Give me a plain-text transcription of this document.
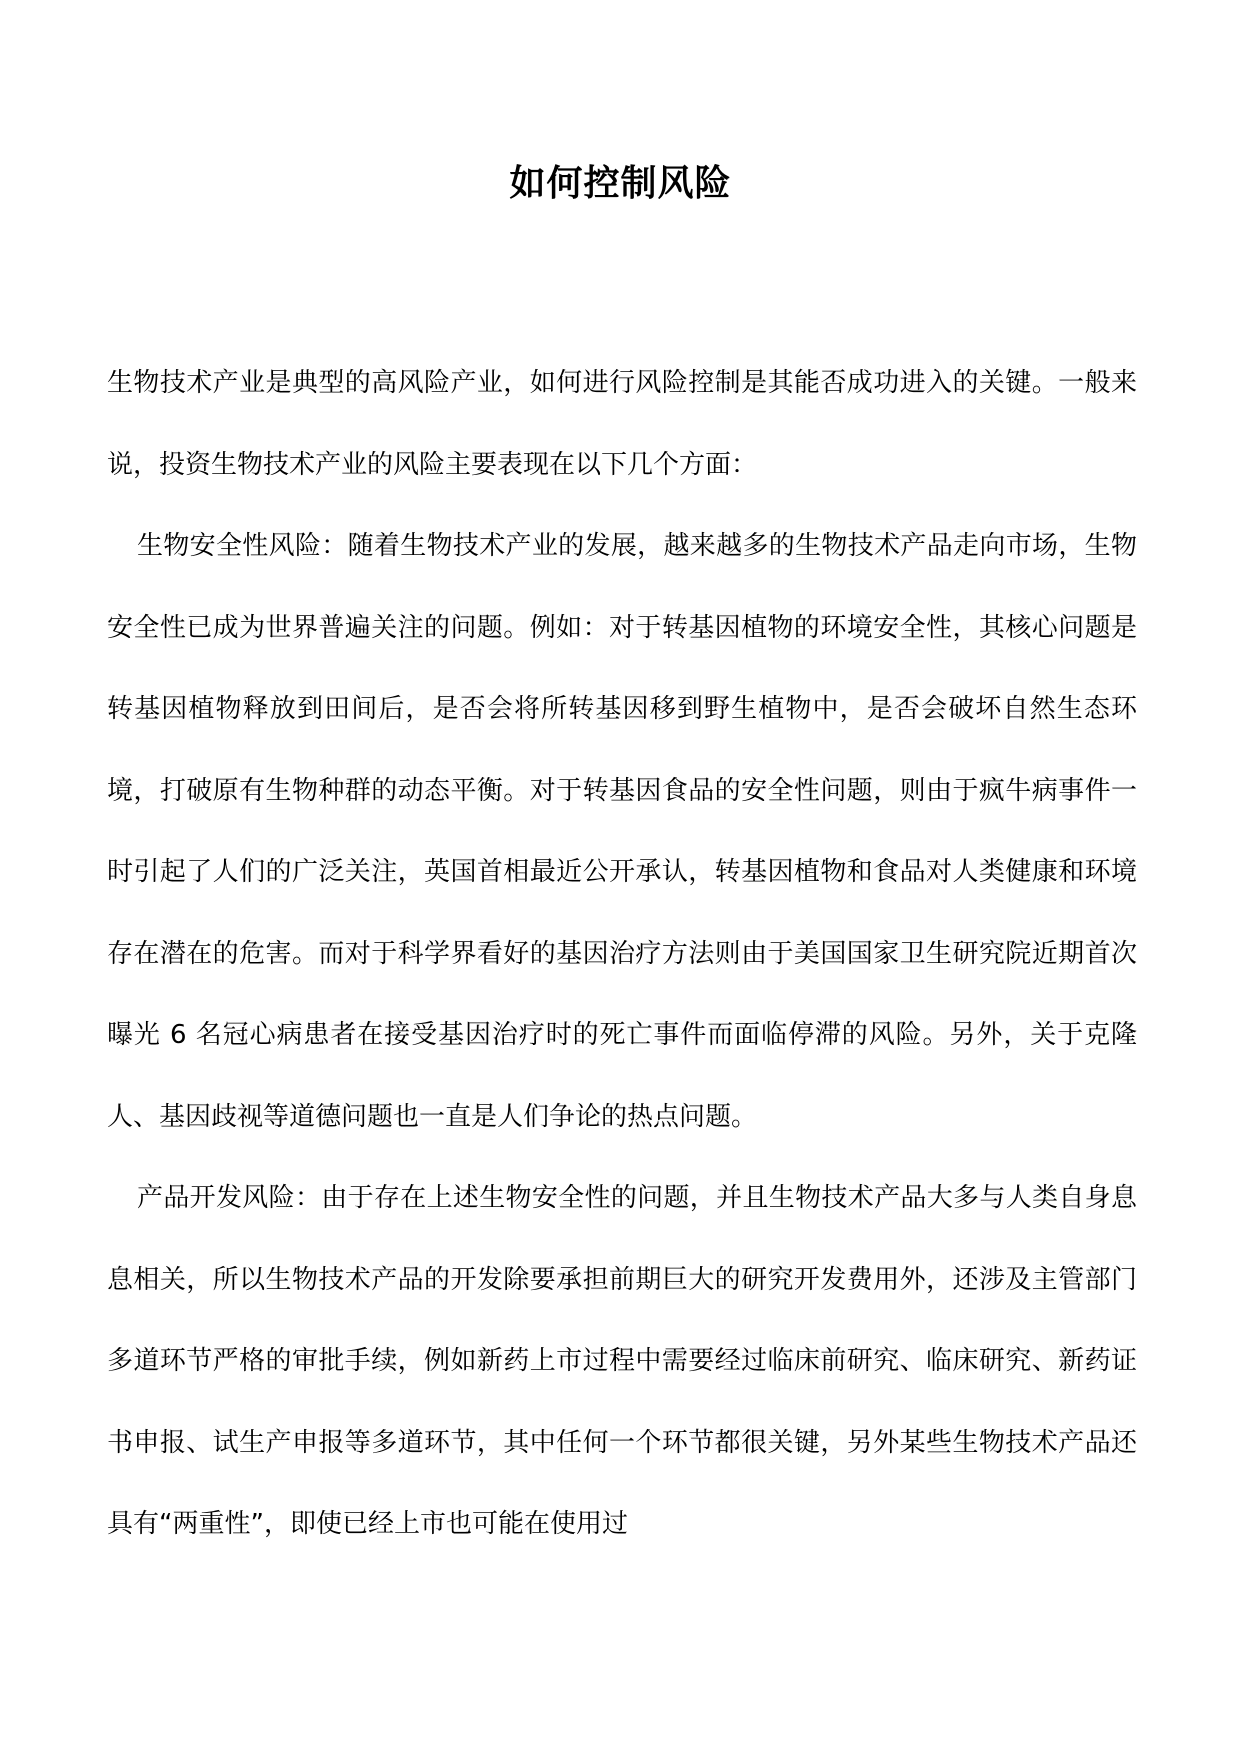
如何控制风险

生物技术产业是典型的高风险产业，如何进行风险控制是其能否成功进入的关键。一般来说，投资生物技术产业的风险主要表现在以下几个方面：

生物安全性风险：随着生物技术产业的发展，越来越多的生物技术产品走向市场，生物安全性已成为世界普遍关注的问题。例如：对于转基因植物的环境安全性，其核心问题是转基因植物释放到田间后，是否会将所转基因移到野生植物中，是否会破坏自然生态环境，打破原有生物种群的动态平衡。对于转基因食品的安全性问题，则由于疯牛病事件一时引起了人们的广泛关注，英国首相最近公开承认，转基因植物和食品对人类健康和环境存在潜在的危害。而对于科学界看好的基因治疗方法则由于美国国家卫生研究院近期首次曝光 6 名冠心病患者在接受基因治疗时的死亡事件而面临停滞的风险。另外，关于克隆人、基因歧视等道德问题也一直是人们争论的热点问题。

产品开发风险：由于存在上述生物安全性的问题，并且生物技术产品大多与人类自身息息相关，所以生物技术产品的开发除要承担前期巨大的研究开发费用外，还涉及主管部门多道环节严格的审批手续，例如新药上市过程中需要经过临床前研究、临床研究、新药证书申报、试生产申报等多道环节，其中任何一个环节都很关键，另外某些生物技术产品还具有“两重性”，即使已经上市也可能在使用过
